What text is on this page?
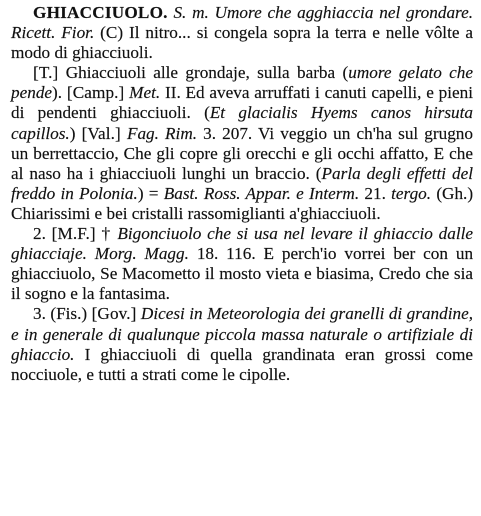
GHIACCIUOLO. S. m. Umore che agghiaccia nel grondare. Ricett. Fior. (C) Il nitro... si congela sopra la terra e nelle vôlte a modo di ghiacciuoli.

[T.] Ghiacciuoli alle grondaje, sulla barba (umore gelato che pende). [Camp.] Met. II. Ed aveva arruffati i canuti capelli, e pieni di pendenti ghiacciuoli. (Et glacialis Hyems canos hirsuta capillos.) [Val.] Fag. Rim. 3. 207. Vi veggio un ch'ha sul grugno un berrettaccio, Che gli copre gli orecchi e gli occhi affatto, E che al naso ha i ghiacciuoli lunghi un braccio. (Parla degli effetti del freddo in Polonia.) = Bast. Ross. Appar. e Interm. 21. tergo. (Gh.) Chiarissimi e bei cristalli rassomiglianti a'ghiacciuoli.

2. [M.F.] † Bigonciuolo che si usa nel levare il ghiaccio dalle ghiacciaje. Morg. Magg. 18. 116. E perch'io vorrei ber con un ghiacciuolo, Se Macometto il mosto vieta e biasima, Credo che sia il sogno e la fantasima.

3. (Fis.) [Gov.] Dicesi in Meteorologia dei granelli di grandine, e in generale di qualunque piccola massa naturale o artifiziale di ghiaccio. I ghiacciuoli di quella grandinata eran grossi come nocciuole, e tutti a strati come le cipolle.
